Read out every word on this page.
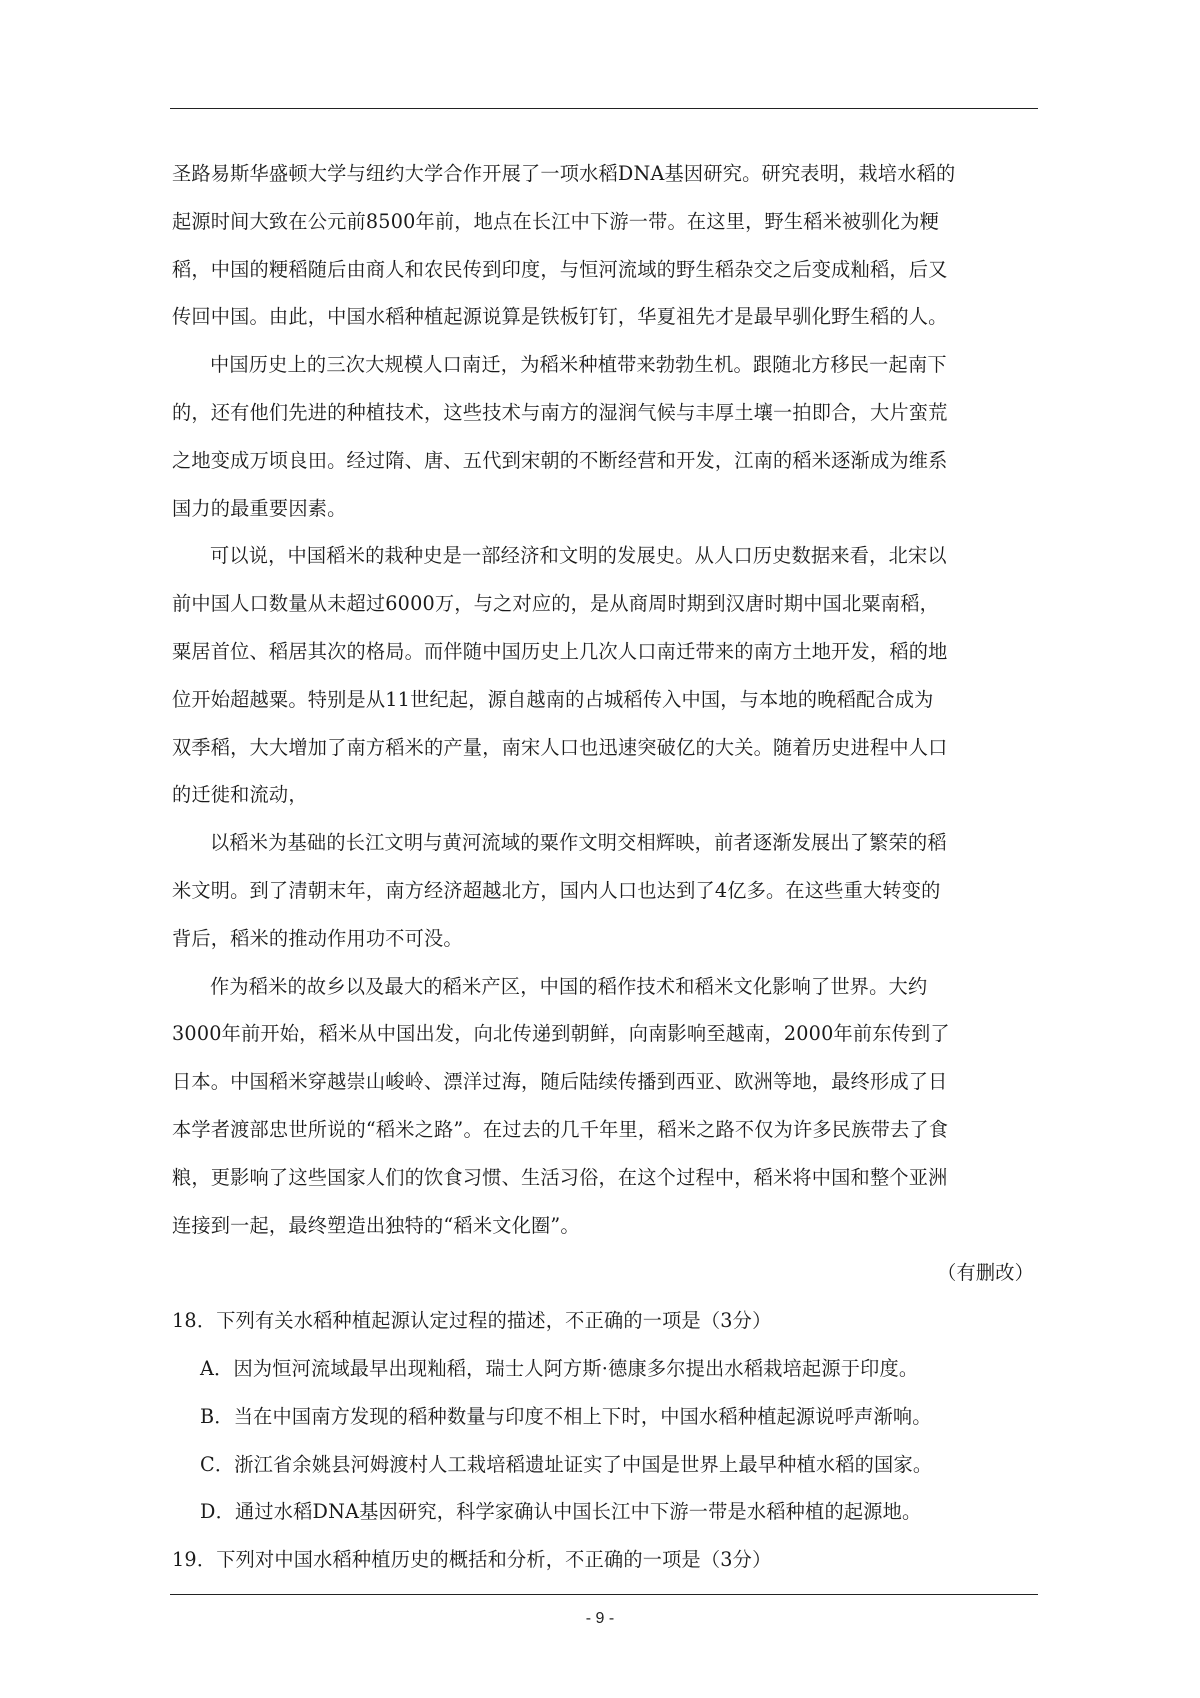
圣路易斯华盛顿大学与纽约大学合作开展了一项水稻DNA基因研究。研究表明，栽培水稻的
起源时间大致在公元前8500年前，地点在长江中下游一带。在这里，野生稻米被驯化为粳
稻，中国的粳稻随后由商人和农民传到印度，与恒河流域的野生稻杂交之后变成籼稻，后又
传回中国。由此，中国水稻种植起源说算是铁板钉钉，华夏祖先才是最早驯化野生稻的人。
中国历史上的三次大规模人口南迁，为稻米种植带来勃勃生机。跟随北方移民一起南下
的，还有他们先进的种植技术，这些技术与南方的湿润气候与丰厚土壤一拍即合，大片蛮荒
之地变成万顷良田。经过隋、唐、五代到宋朝的不断经营和开发，江南的稻米逐渐成为维系
国力的最重要因素。
可以说，中国稻米的栽种史是一部经济和文明的发展史。从人口历史数据来看，北宋以
前中国人口数量从未超过6000万，与之对应的，是从商周时期到汉唐时期中国北粟南稻，
粟居首位、稻居其次的格局。而伴随中国历史上几次人口南迁带来的南方土地开发，稻的地
位开始超越粟。特别是从11世纪起，源自越南的占城稻传入中国，与本地的晚稻配合成为
双季稻，大大增加了南方稻米的产量，南宋人口也迅速突破亿的大关。随着历史进程中人口
的迁徙和流动，
以稻米为基础的长江文明与黄河流域的粟作文明交相辉映，前者逐渐发展出了繁荣的稻
米文明。到了清朝末年，南方经济超越北方，国内人口也达到了4亿多。在这些重大转变的
背后，稻米的推动作用功不可没。
作为稻米的故乡以及最大的稻米产区，中国的稻作技术和稻米文化影响了世界。大约
3000年前开始，稻米从中国出发，向北传递到朝鲜，向南影响至越南，2000年前东传到了
日本。中国稻米穿越崇山峻岭、漂洋过海，随后陆续传播到西亚、欧洲等地，最终形成了日
本学者渡部忠世所说的“稻米之路”。在过去的几千年里，稻米之路不仅为许多民族带去了食
粮，更影响了这些国家人们的饮食习惯、生活习俗，在这个过程中，稻米将中国和整个亚洲
连接到一起，最终塑造出独特的“稻米文化圈”。
（有删改）
18．下列有关水稻种植起源认定过程的描述，不正确的一项是（3分）
A．因为恒河流域最早出现籼稻，瑞士人阿方斯·德康多尔提出水稻栽培起源于印度。
B．当在中国南方发现的稻种数量与印度不相上下时，中国水稻种植起源说呼声渐响。
C．浙江省余姚县河姆渡村人工栽培稻遗址证实了中国是世界上最早种植水稻的国家。
D．通过水稻DNA基因研究，科学家确认中国长江中下游一带是水稻种植的起源地。
19．下列对中国水稻种植历史的概括和分析，不正确的一项是（3分）
- 9 -
